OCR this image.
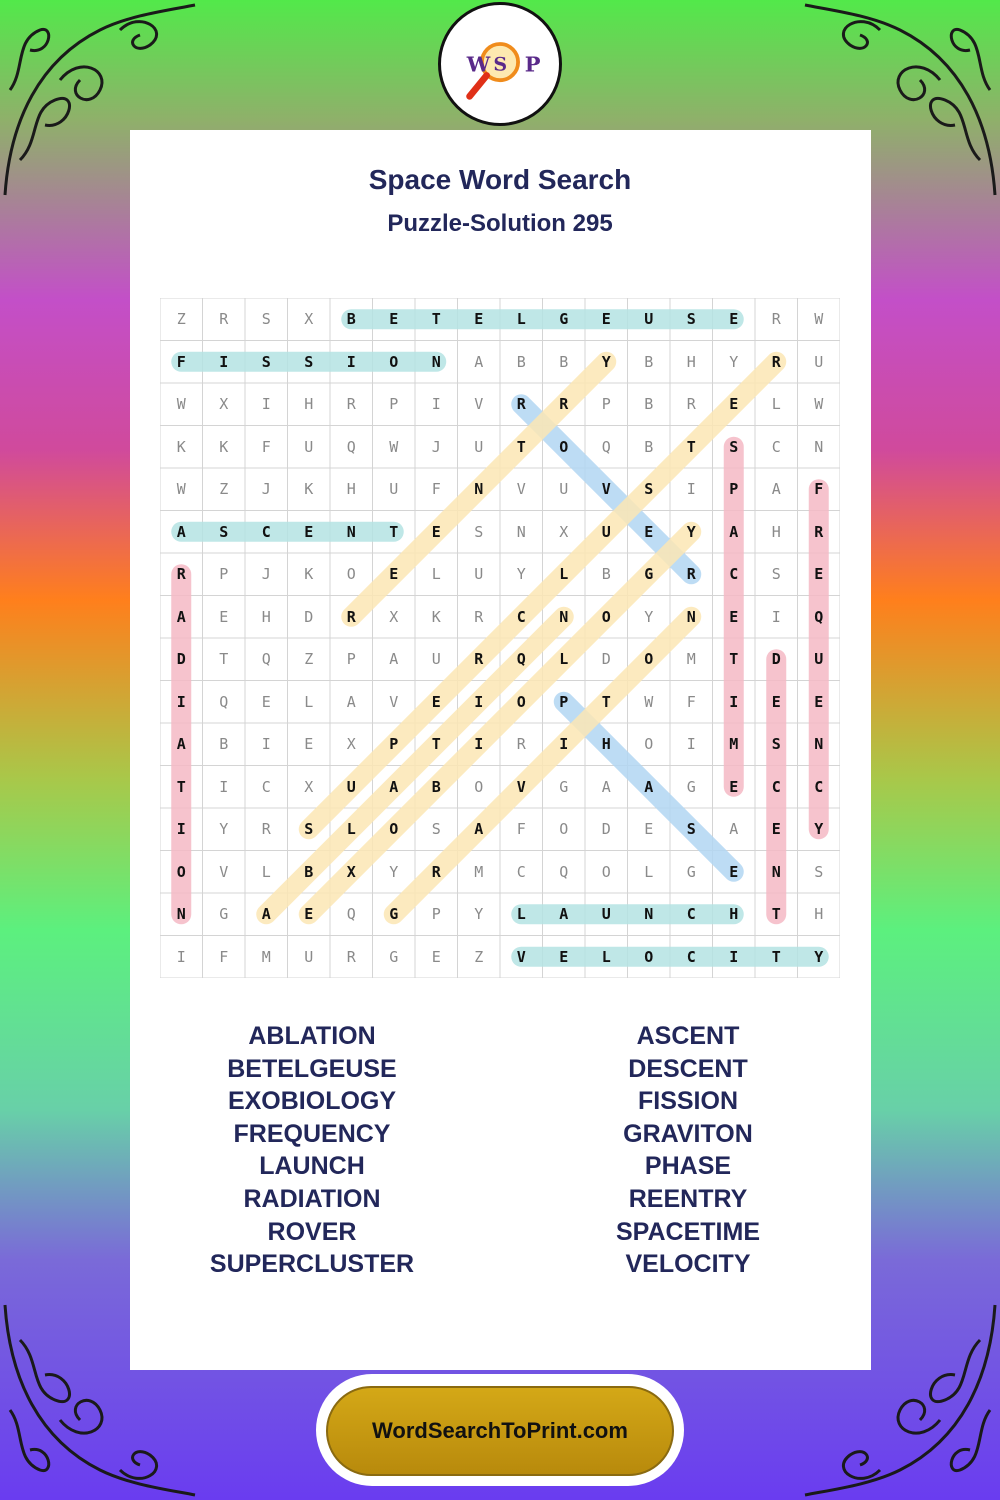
W S P
Space Word Search
Puzzle-Solution 295
Z	R	S	X	B	E	T	E	L	G	E	U	S	E	R	W
F	I	S	S	I	O	N	A	B	B	Y	B	H	Y	R	U
W	X	I	H	R	P	I	V	R	R	P	B	R	E	L	W
K	K	F	U	Q	W	J	U	T	O	Q	B	T	S	C	N
W	Z	J	K	H	U	F	N	V	U	V	S	I	P	A	F
A	S	C	E	N	T	E	S	N	X	U	E	Y	A	H	R
R	P	J	K	O	E	L	U	Y	L	B	G	R	C	S	E
A	E	H	D	R	X	K	R	C	N	O	Y	N	E	I	Q
D	T	Q	Z	P	A	U	R	Q	L	D	O	M	T	D	U
I	Q	E	L	A	V	E	I	O	P	T	W	F	I	E	E
A	B	I	E	X	P	T	I	R	I	H	O	I	M	S	N
T	I	C	X	U	A	B	O	V	G	A	A	G	E	C	C
I	Y	R	S	L	O	S	A	F	O	D	E	S	A	E	Y
O	V	L	B	X	Y	R	M	C	Q	O	L	G	E	N	S
N	G	A	E	Q	G	P	Y	L	A	U	N	C	H	T	H
I	F	M	U	R	G	E	Z	V	E	L	O	C	I	T	Y
ABLATION
BETELGEUSE
EXOBIOLOGY
FREQUENCY
LAUNCH
RADIATION
ROVER
SUPERCLUSTER
ASCENT
DESCENT
FISSION
GRAVITON
PHASE
REENTRY
SPACETIME
VELOCITY
WordSearchToPrint.com
